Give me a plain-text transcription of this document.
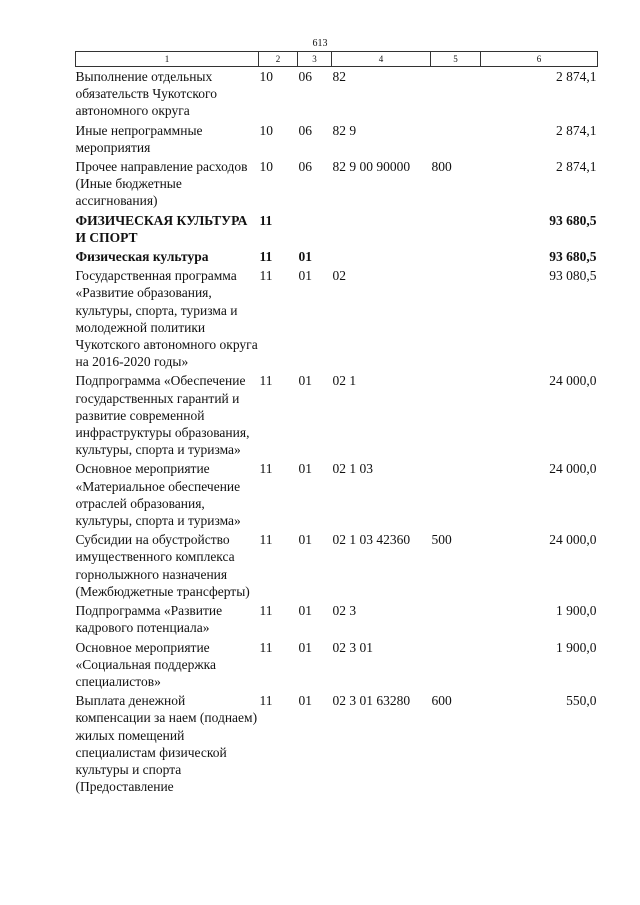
613
1	2	3	4	5	6
Выполнение отдельных обязательств Чукотского автономного округа	10	06	82		2 874,1
Иные непрограммные мероприятия	10	06	82 9		2 874,1
Прочее направление расходов (Иные бюджетные ассигнования)	10	06	82 9 00 90000	800	2 874,1
ФИЗИЧЕСКАЯ КУЛЬТУРА И СПОРТ	11				93 680,5
Физическая культура	11	01			93 680,5
Государственная программа «Развитие образования, культуры, спорта, туризма и молодежной политики Чукотского автономного округа на 2016-2020 годы»	11	01	02		93 080,5
Подпрограмма «Обеспечение государственных гарантий и развитие современной инфраструктуры образования, культуры, спорта и туризма»	11	01	02 1		24 000,0
Основное мероприятие «Материальное обеспечение отраслей образования, культуры, спорта и туризма»	11	01	02 1 03		24 000,0
Субсидии на обустройство имущественного комплекса горнолыжного назначения (Межбюджетные трансферты)	11	01	02 1 03 42360	500	24 000,0
Подпрограмма «Развитие кадрового потенциала»	11	01	02 3		1 900,0
Основное мероприятие «Социальная поддержка специалистов»	11	01	02 3 01		1 900,0
Выплата денежной компенсации за наем (поднаем) жилых помещений специалистам физической культуры и спорта (Предоставление	11	01	02 3 01 63280	600	550,0
